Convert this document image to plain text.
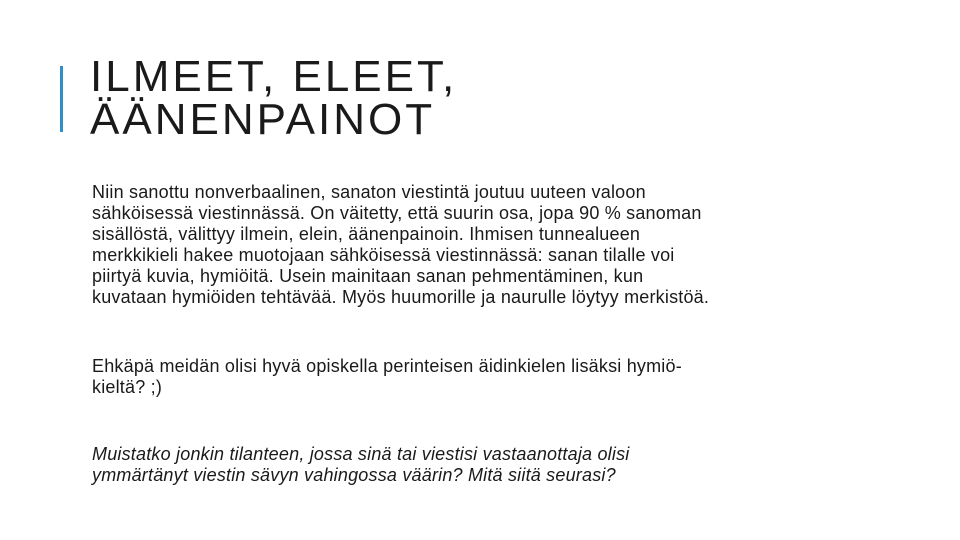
ILMEET, ELEET,
ÄÄNENPAINOT

Niin sanottu nonverbaalinen, sanaton viestintä joutuu uuteen valoon
sähköisessä viestinnässä. On väitetty, että suurin osa, jopa 90 % sanoman
sisällöstä, välittyy ilmein, elein, äänenpainoin. Ihmisen tunnealueen
merkkikieli hakee muotojaan sähköisessä viestinnässä: sanan tilalle voi
piirtyä kuvia, hymiöitä. Usein mainitaan sanan pehmentäminen, kun
kuvataan hymiöiden tehtävää. Myös huumorille ja naurulle löytyy merkistöä.

Ehkäpä meidän olisi hyvä opiskella perinteisen äidinkielen lisäksi hymiö-
kieltä? ;)

Muistatko jonkin tilanteen, jossa sinä tai viestisi vastaanottaja olisi
ymmärtänyt viestin sävyn vahingossa väärin? Mitä siitä seurasi?
